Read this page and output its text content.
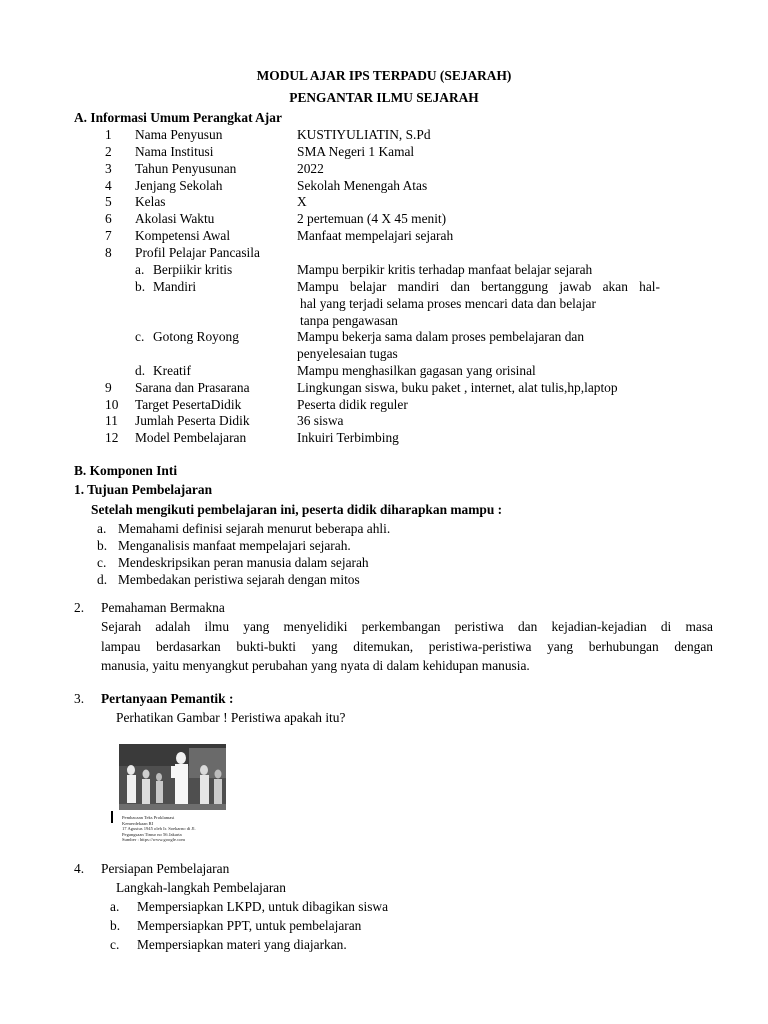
MODUL AJAR IPS TERPADU (SEJARAH)
PENGANTAR ILMU SEJARAH
A. Informasi Umum Perangkat Ajar
1 Nama Penyusun	KUSTIYULIATIN, S.Pd
2 Nama Institusi	SMA Negeri 1 Kamal
3 Tahun Penyusunan	2022
4 Jenjang Sekolah	Sekolah Menengah Atas
5 Kelas	X
6 Akolasi Waktu	2 pertemuan (4 X 45 menit)
7 Kompetensi Awal	Manfaat mempelajari sejarah
8 Profil Pelajar Pancasila
a. Berpiikir kritis	Mampu berpikir kritis terhadap manfaat belajar sejarah
b. Mandiri	Mampu belajar mandiri dan bertanggung jawab akan hal-
hal yang terjadi selama proses mencari data dan belajar
tanpa pengawasan
c. Gotong Royong	Mampu bekerja sama dalam proses pembelajaran dan
penyelesaian tugas
d. Kreatif	Mampu menghasilkan gagasan yang orisinal
9 Sarana dan Prasarana	Lingkungan siswa, buku paket , internet, alat tulis,hp,laptop
10 Target PesertaDidik	Peserta didik reguler
11 Jumlah Peserta Didik	36 siswa
12 Model Pembelajaran	Inkuiri Terbimbing
B. Komponen Inti
1. Tujuan Pembelajaran
Setelah mengikuti pembelajaran ini, peserta didik diharapkan mampu :
a. Memahami definisi sejarah menurut beberapa ahli.
b. Menganalisis manfaat mempelajari sejarah.
c. Mendeskripsikan peran manusia dalam sejarah
d. Membedakan peristiwa sejarah dengan mitos
2. Pemahaman Bermakna
Sejarah adalah ilmu yang menyelidiki perkembangan peristiwa dan kejadian-kejadian di masa
lampau berdasarkan bukti-bukti yang ditemukan, peristiwa-peristiwa yang berhubungan dengan
manusia, yaitu menyangkut perubahan yang nyata di dalam kehidupan manusia.
3. Pertanyaan Pemantik :
Perhatikan Gambar ! Peristiwa apakah itu?
Pembacaan Teks Proklamasi
Kemerdekaan RI
17 Agustus 1945 oleh Ir. Soekarno di Jl.
Pegangsaan Timur no 56 Jakarta
Sumber : https://www.google.com
4. Persiapan Pembelajaran
Langkah-langkah Pembelajaran
a. Mempersiapkan LKPD, untuk dibagikan siswa
b. Mempersiapkan PPT, untuk pembelajaran
c. Mempersiapkan materi yang diajarkan.
